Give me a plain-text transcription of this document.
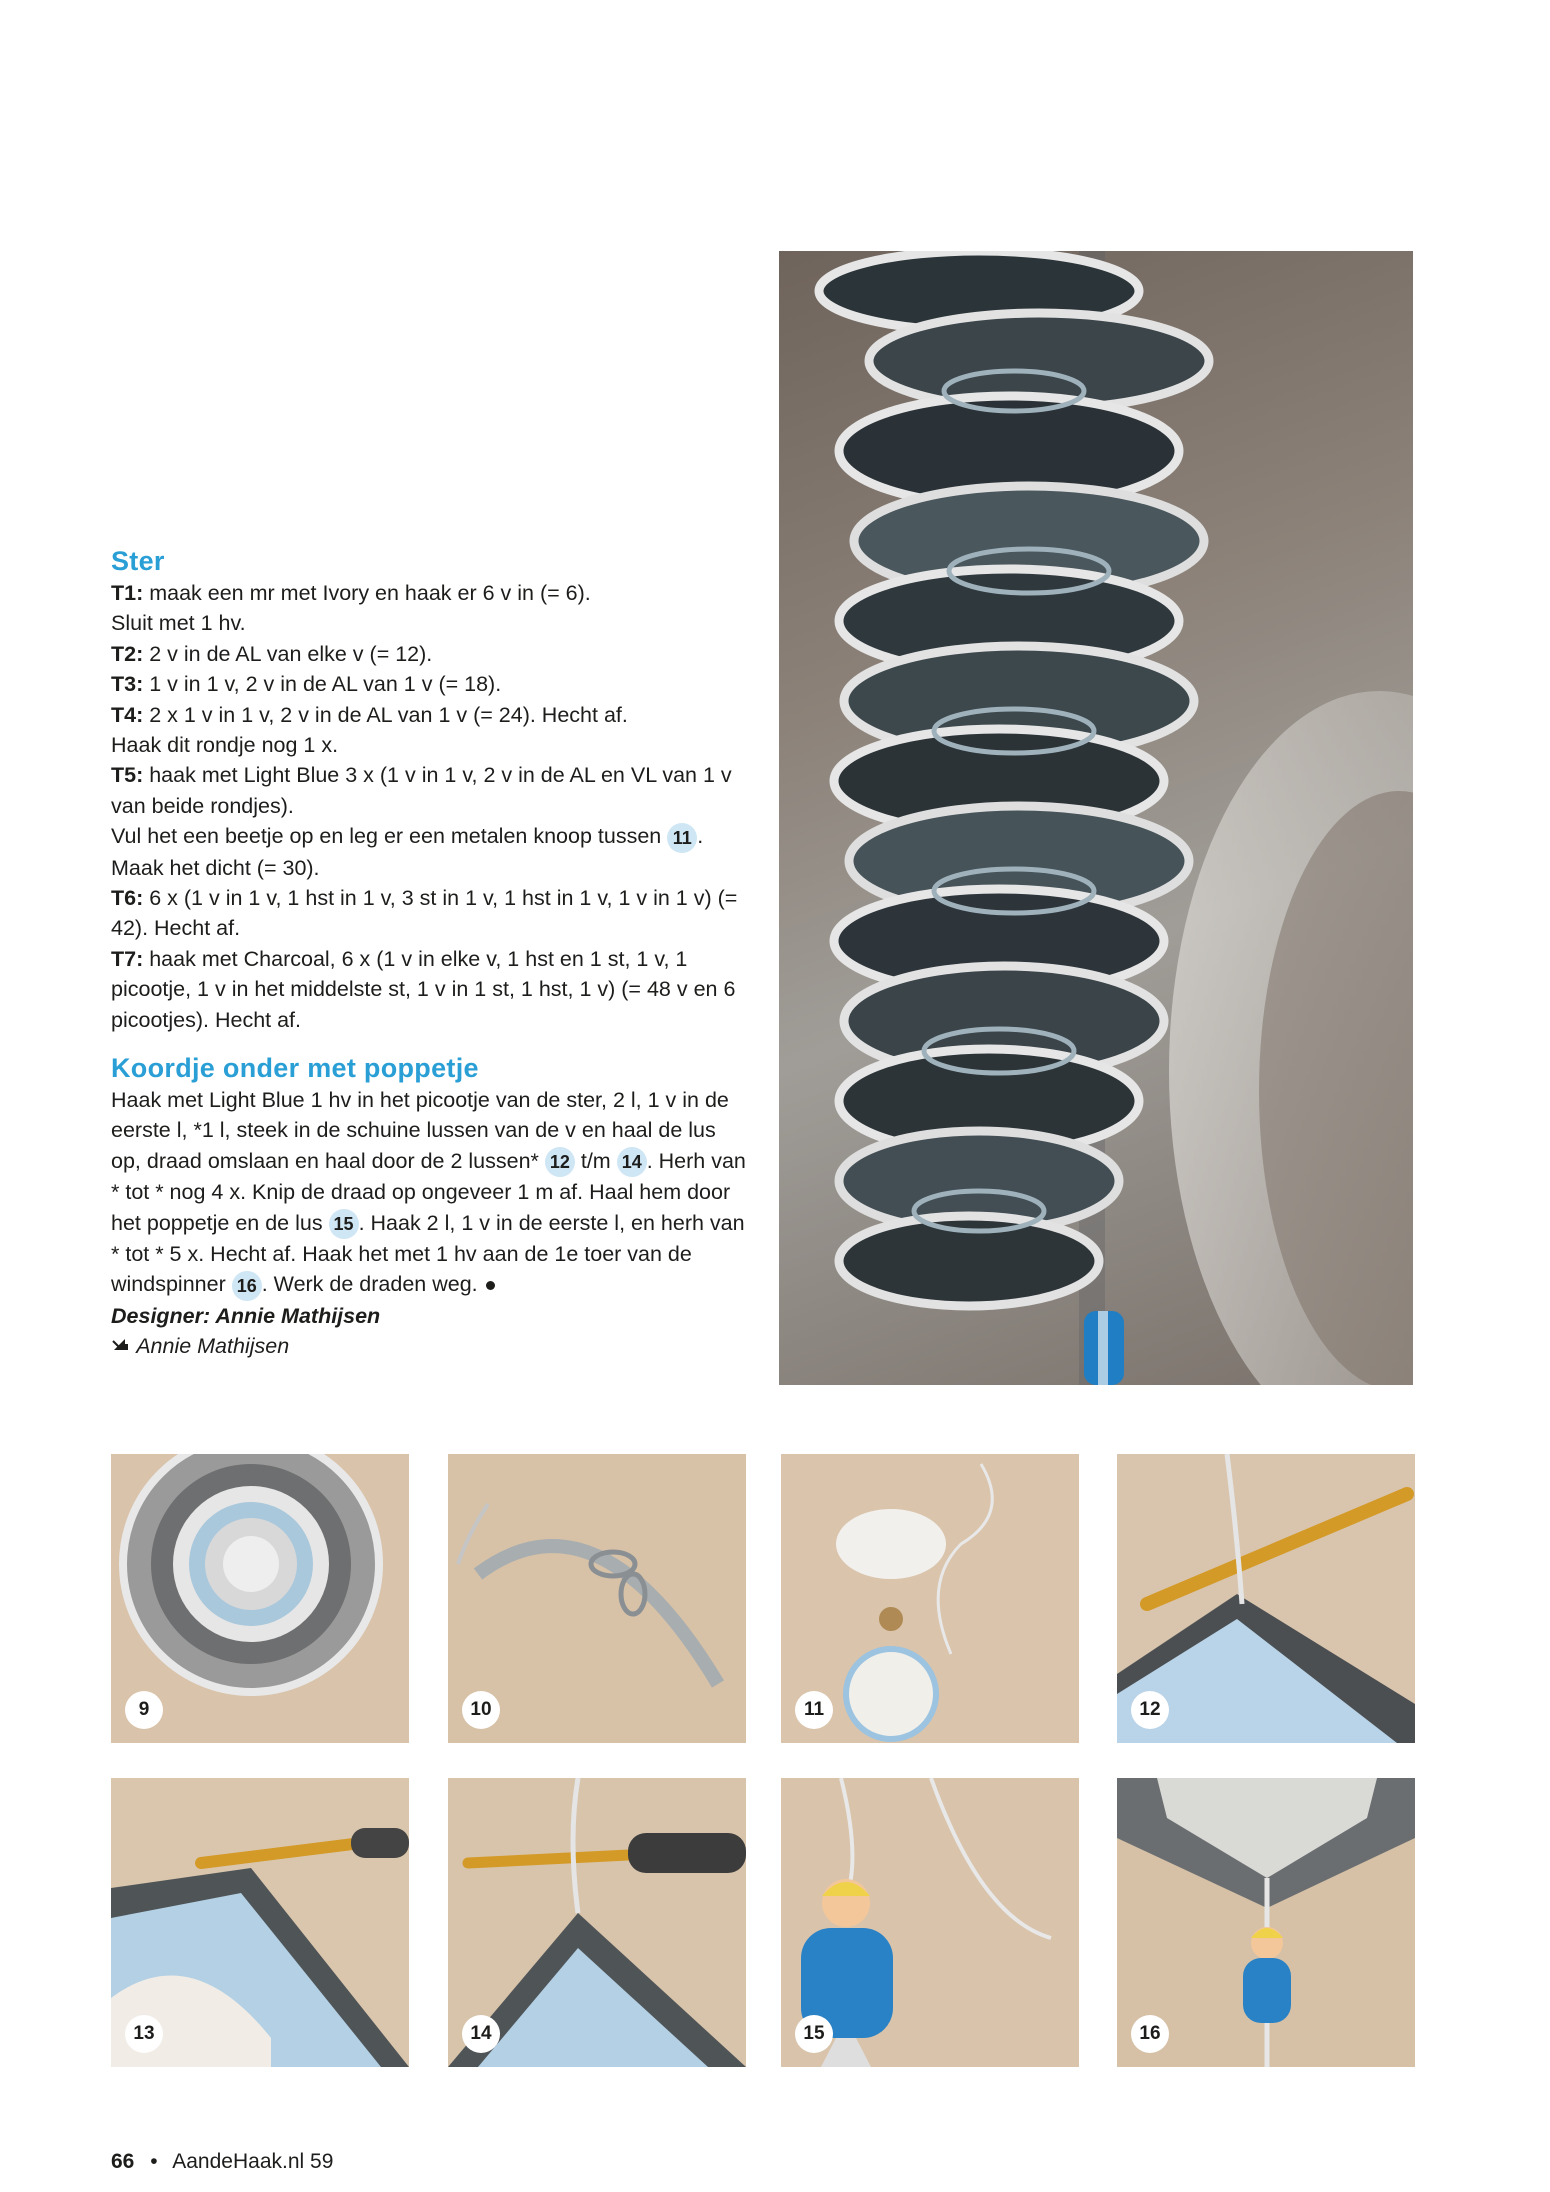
Ster

T1: maak een mr met Ivory en haak er 6 v in (= 6).

Sluit met 1 hv.

T2: 2 v in de AL van elke v (= 12).

T3: 1 v in 1 v, 2 v in de AL van 1 v (= 18).

T4: 2 x 1 v in 1 v, 2 v in de AL van 1 v (= 24). Hecht af.

Haak dit rondje nog 1 x.

T5: haak met Light Blue 3 x (1 v in 1 v, 2 v in de AL en VL van 1 v van beide rondjes).

Vul het een beetje op en leg er een metalen knoop tussen 11 . Maak het dicht (= 30).

T6: 6 x (1 v in 1 v, 1 hst in 1 v, 3 st in 1 v, 1 hst in 1 v, 1 v in 1 v) (= 42). Hecht af.

T7: haak met Charcoal, 6 x (1 v in elke v, 1 hst en 1 st, 1 v, 1 picootje, 1 v in het middelste st, 1 v in 1 st, 1 hst, 1 v) (= 48 v en 6 picootjes). Hecht af.

Koordje onder met poppetje

Haak met Light Blue 1 hv in het picootje van de ster, 2 l, 1 v in de eerste l, *1 l, steek in de schuine lussen van de v en haal de lus op, draad omslaan en haal door de 2 lussen* 12 t/m 14 . Herh van * tot * nog 4 x. Knip de draad op ongeveer 1 m af. Haal hem door het poppetje en de lus 15 . Haak 2 l, 1 v in de eerste l, en herh van * tot * 5 x. Hecht af. Haak het met 1 hv aan de 1e toer van de windspinner 16 . Werk de draden weg.

Designer: Annie Mathijsen

Annie Mathijsen

9	10	11	12
13	14	15	16
66 • AandeHaak.nl 59
